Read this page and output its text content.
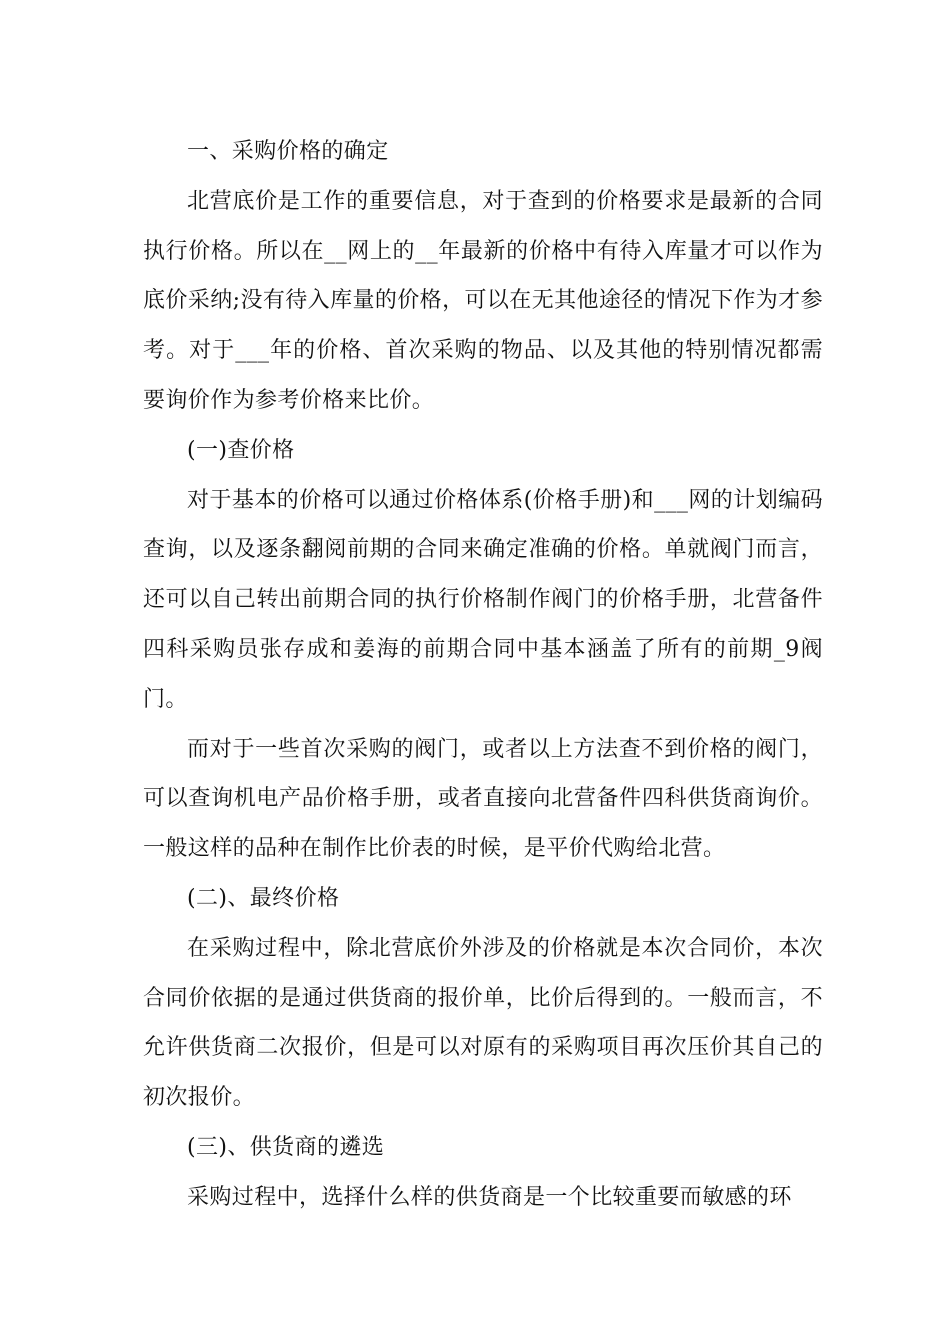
一、采购价格的确定

北营底价是工作的重要信息，对于查到的价格要求是最新的合同执行价格。所以在__网上的__年最新的价格中有待入库量才可以作为底价采纳;没有待入库量的价格，可以在无其他途径的情况下作为才参考。对于___年的价格、首次采购的物品、以及其他的特别情况都需要询价作为参考价格来比价。

(一)查价格

对于基本的价格可以通过价格体系(价格手册)和___网的计划编码查询，以及逐条翻阅前期的合同来确定准确的价格。单就阀门而言，还可以自己转出前期合同的执行价格制作阀门的价格手册，北营备件四科采购员张存成和姜海的前期合同中基本涵盖了所有的前期_9阀门。

而对于一些首次采购的阀门，或者以上方法查不到价格的阀门，可以查询机电产品价格手册，或者直接向北营备件四科供货商询价。一般这样的品种在制作比价表的时候，是平价代购给北营。

(二)、最终价格

在采购过程中，除北营底价外涉及的价格就是本次合同价，本次合同价依据的是通过供货商的报价单，比价后得到的。一般而言，不允许供货商二次报价，但是可以对原有的采购项目再次压价其自己的初次报价。

(三)、供货商的遴选

采购过程中，选择什么样的供货商是一个比较重要而敏感的环
